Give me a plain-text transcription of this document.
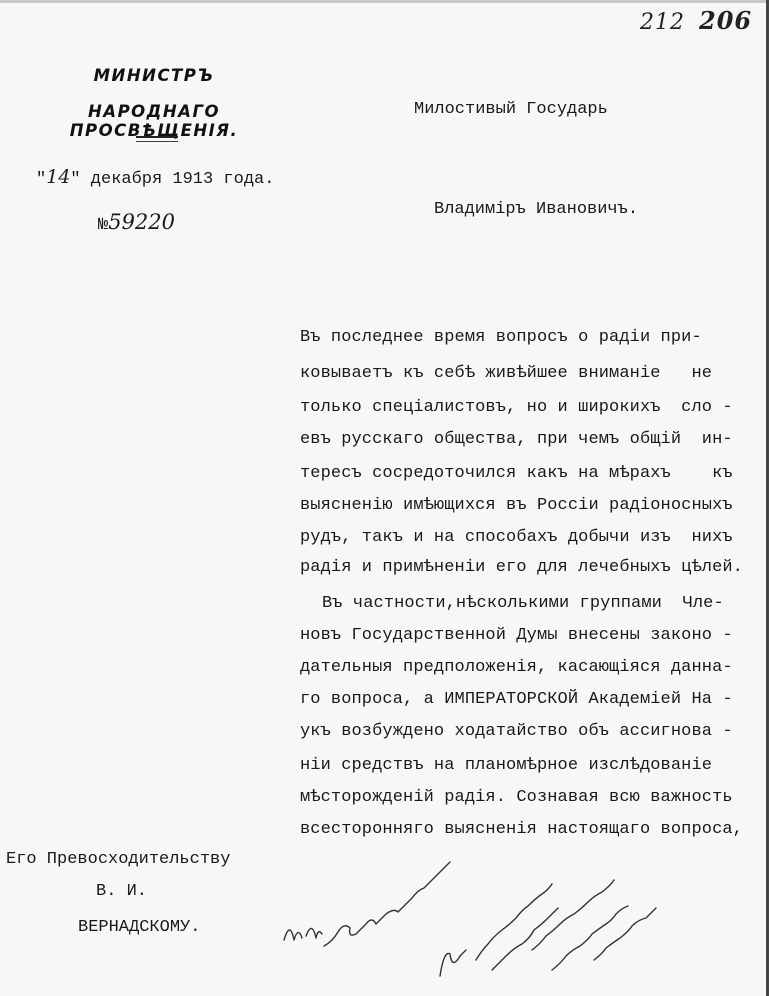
212 206
МИНИСТРЪ
НАРОДНАГО ПРОСВѢЩЕНІЯ.
"14" декабря 1913 года.
№59220
Милостивый Государь
Владиміръ Ивановичъ.
Въ последнее время вопросъ о радіи при-
ковываетъ къ себѣ живѣйшее вниманіе   не
только спеціалистовъ, но и широкихъ  сло -
евъ русскаго общества, при чемъ общій  ин-
тересъ сосредоточился какъ на мѣрахъ    къ
выясненію имѣющихся въ Россіи радіоносныхъ
рудъ, такъ и на способахъ добычи изъ  нихъ
радія и примѣненіи его для лечебныхъ цѣлей.
Въ частности,нѣсколькими группами  Чле-
новъ Государственной Думы внесены законо -
дательныя предположенія, касающіяся данна-
го вопроса, а ИМПЕРАТОРСКОЙ Академіей На -
укъ возбуждено ходатайство объ ассигнова -
ніи средствъ на планомѣрное изслѣдованіе
мѣсторожденій радія. Сознавая всю важность
всесторонняго выясненія настоящаго вопроса,
Его Превосходительству
В. И.
ВЕРНАДСКОМУ.
